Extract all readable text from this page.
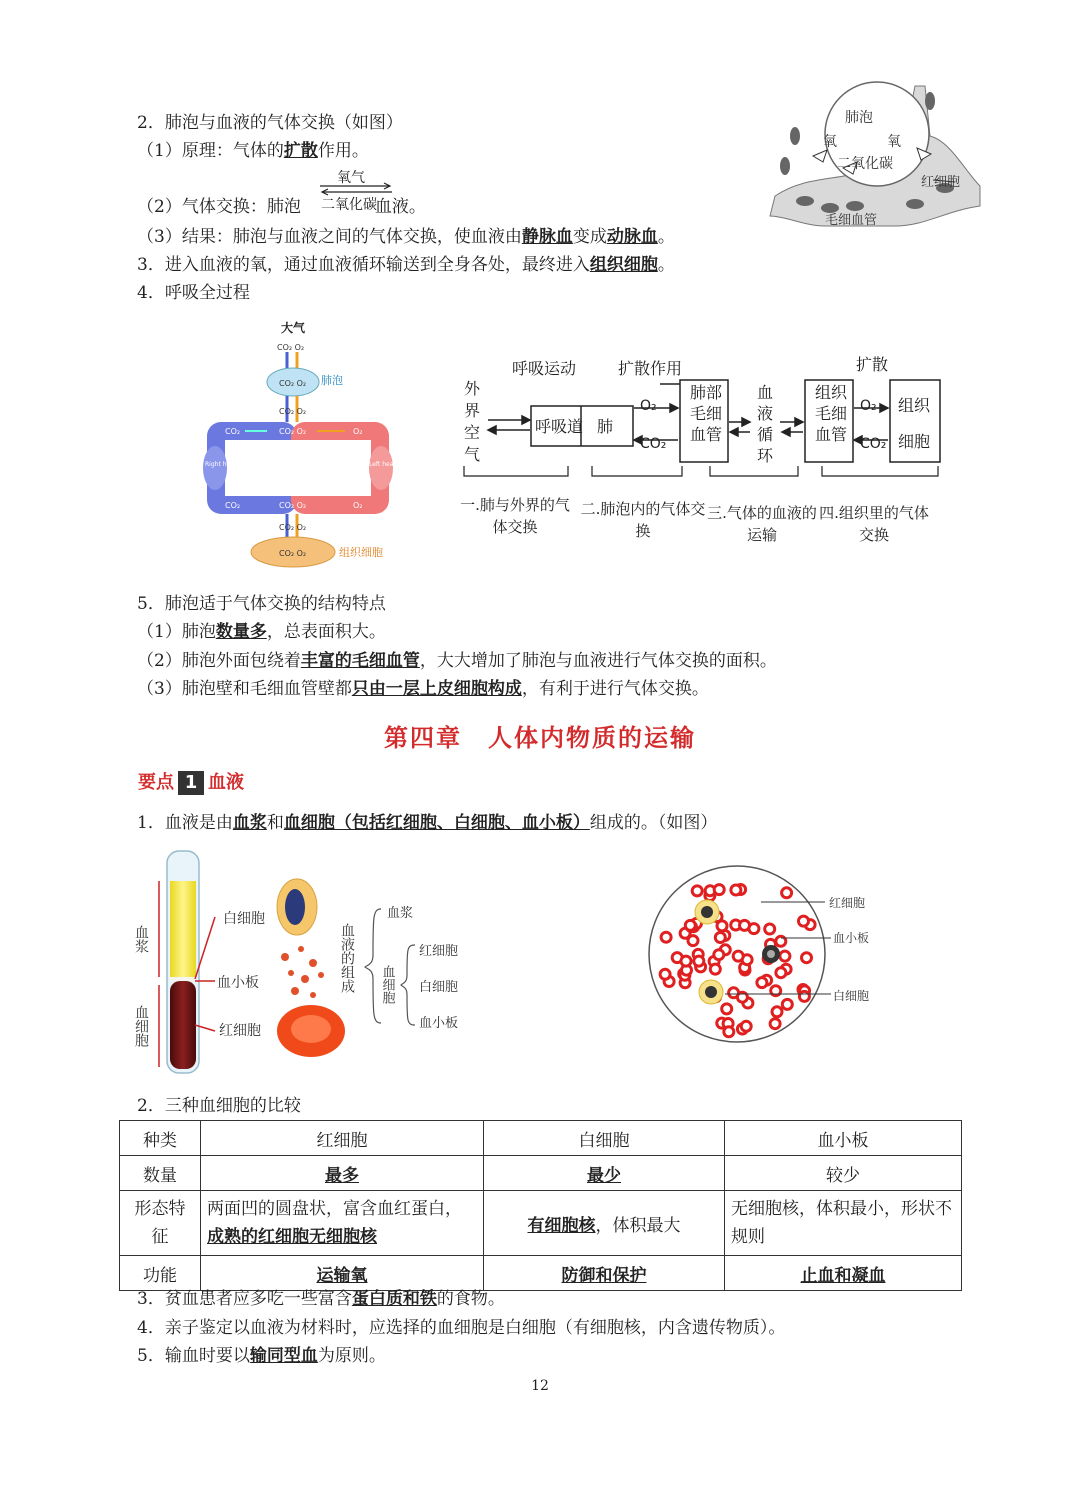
2．肺泡与血液的气体交换（如图）
（1）原理：气体的扩散作用。
（2）气体交换：肺泡	血液。
氧气
二氧化碳
（3）结果：肺泡与血液之间的气体交换，使血液由静脉血变成动脉血。
3．进入血液的氧，通过血液循环输送到全身各处，最终进入组织细胞。
4．呼吸全过程
肺泡
氧	氧
二氧化碳
红细胞
毛细血管
大气
CO₂ O₂
CO₂ O₂ 肺泡
CO₂ O₂
CO₂	CO₂ O₂	O₂
Right heart	Left heart
CO₂	CO₂ O₂	O₂
CO₂ O₂
CO₂ O₂	组织细胞
呼吸运动	扩散作用	扩散
外界空气
呼吸道 肺
O₂
CO₂
O₂
CO₂
肺部毛细血管
血液循环
组织毛细血管
组织细胞
一.肺与外界的气体交换
二.肺泡内的气体交换
三.气体的血液的运输
四.组织里的气体交换
5．肺泡适于气体交换的结构特点
（1）肺泡数量多，总表面积大。
（2）肺泡外面包绕着丰富的毛细血管，大大增加了肺泡与血液进行气体交换的面积。
（3）肺泡壁和毛细血管壁都只由一层上皮细胞构成，有利于进行气体交换。
第四章　人体内物质的运输
要点 1 血液
1．血液是由血浆和血细胞（包括红细胞、白细胞、血小板）组成的。（如图）
血浆
血细胞
白细胞
血小板
红细胞
血液的组成
血浆
血细胞
红细胞
白细胞
血小板
红细胞
血小板
白细胞
2．三种血细胞的比较
种类	红细胞	白细胞	血小板
数量	最多	最少	较少
形态特征	两面凹的圆盘状，富含血红蛋白，成熟的红细胞无细胞核	有细胞核，体积最大	无细胞核，体积最小，形状不规则
功能	运输氧	防御和保护	止血和凝血
3．贫血患者应多吃一些富含蛋白质和铁的食物。
4．亲子鉴定以血液为材料时，应选择的血细胞是白细胞（有细胞核，内含遗传物质）。
5．输血时要以输同型血为原则。
12
